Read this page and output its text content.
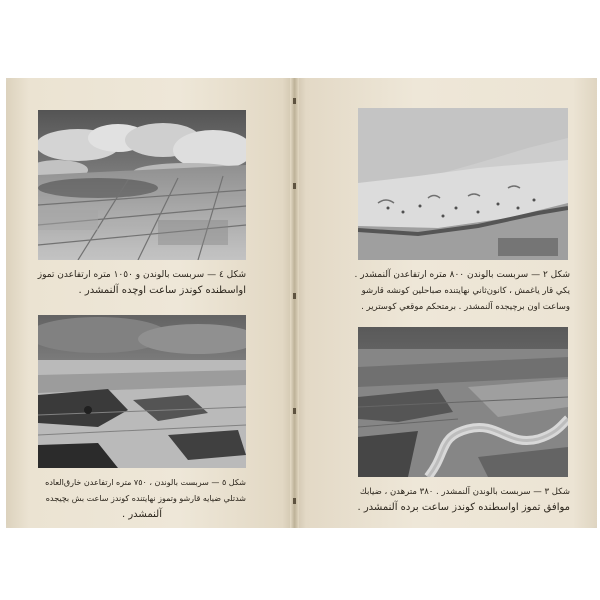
شكل ٤ — سربست بالوندن و ١٠٥٠ متره ارتفاعدن تموز
اواسطنده كوندز ساعت اوچده آلنمشدر .
شكل ٢ — سربست بالوندن ٨٠٠ متره ارتفاعدن آلنمشدر .
يكي قار ياغمش ، كانون‌ثاني نهايتنده صباحلين كونشه قارشو
وساعت اون برچيجده آلنمشدر . برمتحكم موقعي كوسترير .
شكل ٥ — سربست بالوندن ، ٧٥٠ متره ارتفاعدن خارق‌العاده
شدتلي ضيايه قارشو وتموز نهايتنده كوندز ساعت بش بچيجده
آلنمشدر .
شكل ٣ — سربست بالوندن آلنمشدر . ٣٨٠ مترهدن ، ضيابك
موافق تموز اواسطنده كوندز ساعت برده آلنمشدر .
